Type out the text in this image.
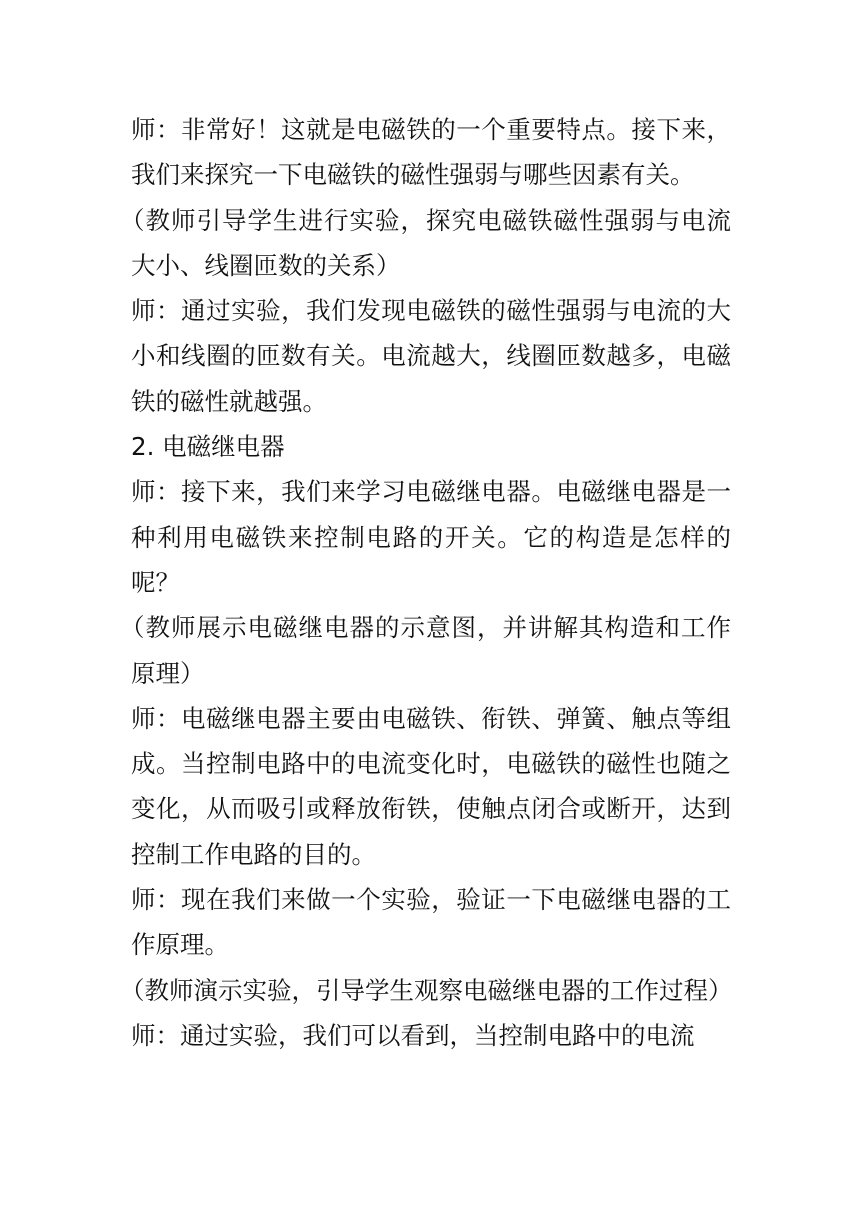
师：非常好！这就是电磁铁的一个重要特点。接下来，我们来探究一下电磁铁的磁性强弱与哪些因素有关。

（教师引导学生进行实验，探究电磁铁磁性强弱与电流大小、线圈匝数的关系）

师：通过实验，我们发现电磁铁的磁性强弱与电流的大小和线圈的匝数有关。电流越大，线圈匝数越多，电磁铁的磁性就越强。

2. 电磁继电器

师：接下来，我们来学习电磁继电器。电磁继电器是一种利用电磁铁来控制电路的开关。它的构造是怎样的呢？

（教师展示电磁继电器的示意图，并讲解其构造和工作原理）

师：电磁继电器主要由电磁铁、衔铁、弹簧、触点等组成。当控制电路中的电流变化时，电磁铁的磁性也随之变化，从而吸引或释放衔铁，使触点闭合或断开，达到控制工作电路的目的。

师：现在我们来做一个实验，验证一下电磁继电器的工作原理。

（教师演示实验，引导学生观察电磁继电器的工作过程）

师：通过实验，我们可以看到，当控制电路中的电流
